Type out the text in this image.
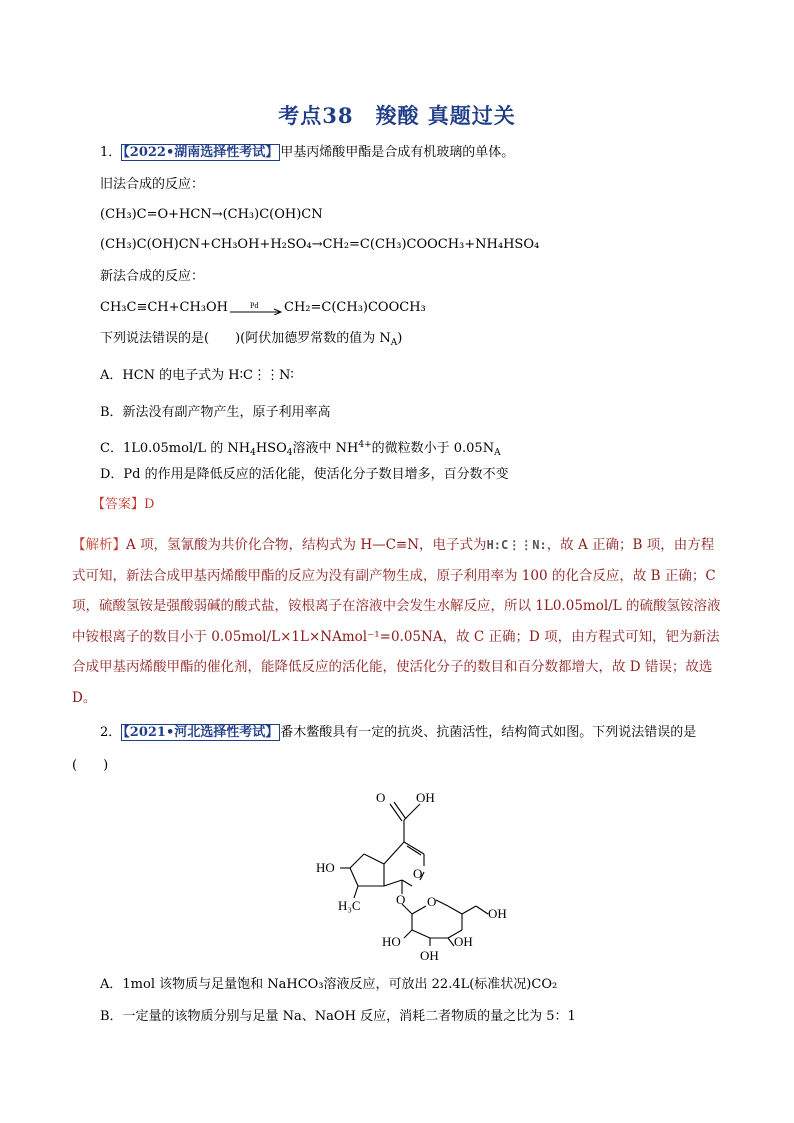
考点38　羧酸 真题过关
1． 【2022•湖南选择性考试】 甲基丙烯酸甲酯是合成有机玻璃的单体。
旧法合成的反应：
(CH₃)C=O+HCN→(CH₃)C(OH)CN
(CH₃)C(OH)CN+CH₃OH+H₂SO₄→CH₂=C(CH₃)COOCH₃+NH₄HSO₄
新法合成的反应：
CH₃C≡CH+CH₃OH	Pd CH₂=C(CH₃)COOCH₃
下列说法错误的是(　　)(阿伏加德罗常数的值为 $N_A$)
A．HCN 的电子式为 H∶C⋮⋮N∶
B．新法没有副产物产生，原子利用率高
C．1L0.05mol/L 的 $NH_4HSO_4$溶液中 $NH^{4+}$的微粒数小于 $0.05N_A$
D．Pd 的作用是降低反应的活化能，使活化分子数目增多，百分数不变
【答案】D
【解析】A 项，氢氰酸为共价化合物，结构式为 H—C≡N，电子式为H:C⋮⋮N:，故 A 正确；B 项，由方程式可知，新法合成甲基丙烯酸甲酯的反应为没有副产物生成，原子利用率为 100 的化合反应，故 B 正确；C 项，硫酸氢铵是强酸弱碱的酸式盐，铵根离子在溶液中会发生水解反应，所以 1L0.05mol/L 的硫酸氢铵溶液中铵根离子的数目小于 0.05mol/L×1L×NAmol⁻¹=0.05NA，故 C 正确；D 项，由方程式可知，钯为新法合成甲基丙烯酸甲酯的催化剂，能降低反应的活化能，使活化分子的数目和百分数都增大，故 D 错误；故选 D。
2． 【2021•河北选择性考试】 番木鳖酸具有一定的抗炎、抗菌活性，结构简式如图。下列说法错误的是
(　　)
O OH
HO
H₃C
O
O O
OH
HO
OH
OH
A．1mol 该物质与足量饱和 NaHCO₃溶液反应，可放出 22.4L(标准状况)CO₂
B．一定量的该物质分别与足量 Na、NaOH 反应，消耗二者物质的量之比为 5：1
